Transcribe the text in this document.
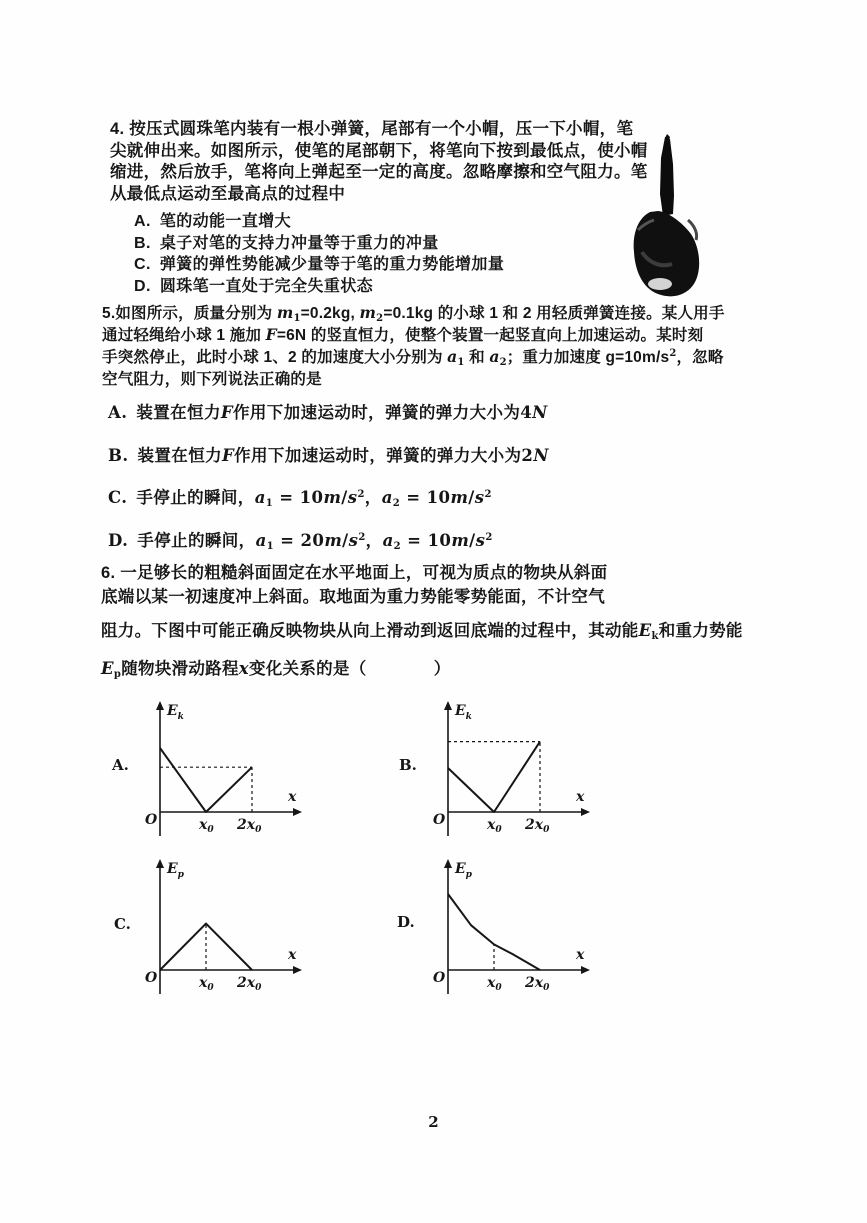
4. 按压式圆珠笔内装有一根小弹簧，尾部有一个小帽，压一下小帽，笔
尖就伸出来。如图所示，使笔的尾部朝下，将笔向下按到最低点，使小帽
缩进，然后放手，笔将向上弹起至一定的高度。忽略摩擦和空气阻力。笔
从最低点运动至最高点的过程中
A. 笔的动能一直增大
B. 桌子对笔的支持力冲量等于重力的冲量
C. 弹簧的弹性势能减少量等于笔的重力势能增加量
D. 圆珠笔一直处于完全失重状态
5.如图所示，质量分别为 $m_1=0.2kg$, $m_2=0.1kg$ 的小球 1 和 2 用轻质弹簧连接。某人用手
通过轻绳给小球 1 施加 F=6N 的竖直恒力，使整个装置一起竖直向上加速运动。某时刻
手突然停止，此时小球 1、2 的加速度大小分别为 $a_1$ 和 $a_2$；重力加速度 $g=10m/s^2$，忽略
空气阻力，则下列说法正确的是
A. 装置在恒力F作用下加速运动时，弹簧的弹力大小为4N
B. 装置在恒力F作用下加速运动时，弹簧的弹力大小为2N
C. 手停止的瞬间，$a_1 = 10m/s^2$，$a_2 = 10m/s^2$
D. 手停止的瞬间，$a_1 = 20m/s^2$，$a_2 = 10m/s^2$
6. 一足够长的粗糙斜面固定在水平地面上，可视为质点的物块从斜面
底端以某一初速度冲上斜面。取地面为重力势能零势能面，不计空气
阻力。下图中可能正确反映物块从向上滑动到返回底端的过程中，其动能$E_k$和重力势能
$E_p$随物块滑动路程x变化关系的是（　　　　）
A.
$E_k$
x
O	$x_0$ $2x_0$
B.
$E_k$
x
O	$x_0$ $2x_0$
C.
$E_p$
x
O	$x_0$ $2x_0$
D.
$E_p$
x
O	$x_0$ $2x_0$
2
